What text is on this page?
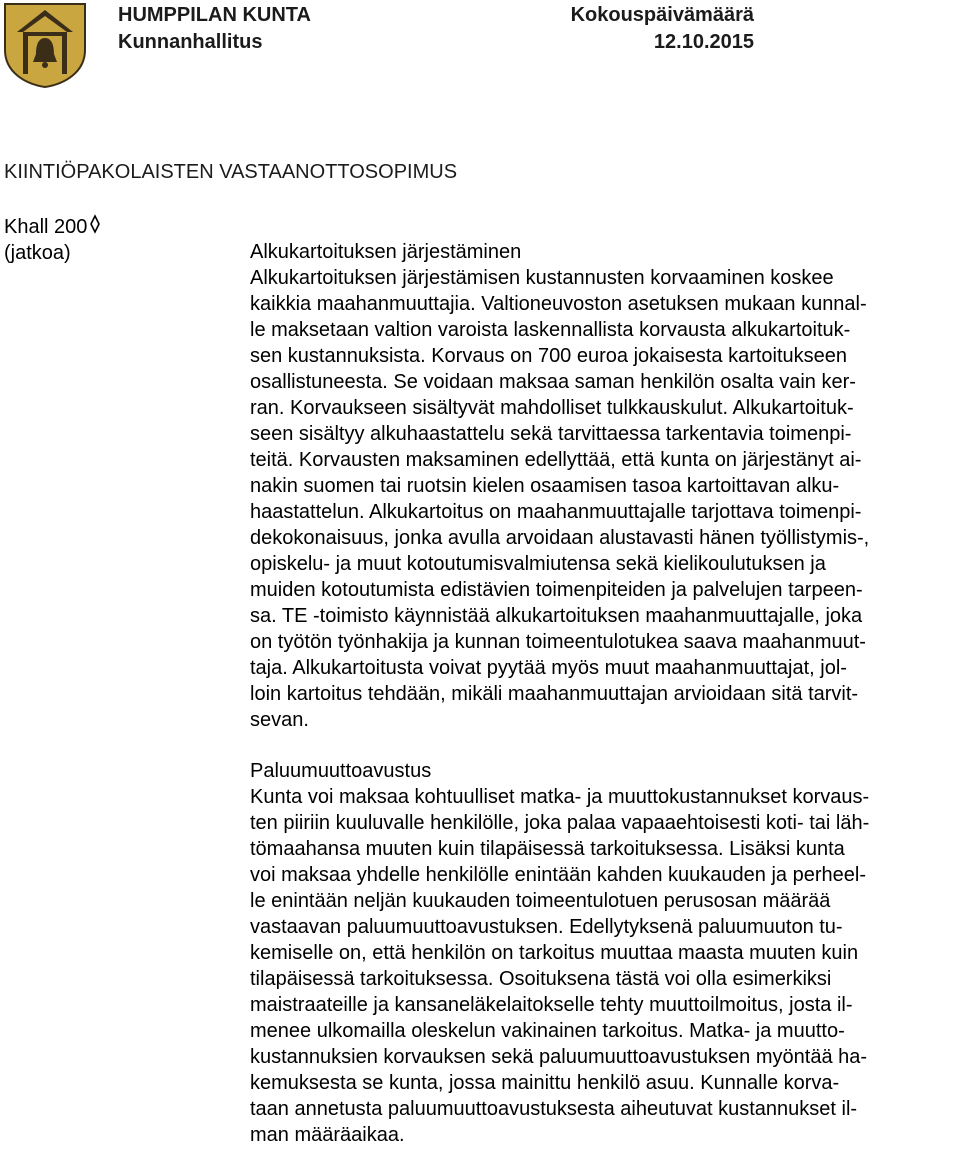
HUMPPILAN KUNTA
Kunnanhallitus
Kokouspäivämäärä
12.10.2015
KIINTIÖPAKOLAISTEN VASTAANOTTOSOPIMUS
Khall 200
(jatkoa)	Alkukartoituksen järjestäminen

Alkukartoituksen järjestämisen kustannusten korvaaminen koskee

kaikkia maahanmuuttajia. Valtioneuvoston asetuksen mukaan kunnal-

le maksetaan valtion varoista laskennallista korvausta alkukartoituk-

sen kustannuksista. Korvaus on 700 euroa jokaisesta kartoitukseen

osallistuneesta. Se voidaan maksaa saman henkilön osalta vain ker-

ran. Korvaukseen sisältyvät mahdolliset tulkkauskulut. Alkukartoituk-

seen sisältyy alkuhaastattelu sekä tarvittaessa tarkentavia toimenpi-

teitä. Korvausten maksaminen edellyttää, että kunta on järjestänyt ai-

nakin suomen tai ruotsin kielen osaamisen tasoa kartoittavan alku-

haastattelun. Alkukartoitus on maahanmuuttajalle tarjottava toimenpi-

dekokonaisuus, jonka avulla arvoidaan alustavasti hänen työllistymis-,

opiskelu- ja muut kotoutumisvalmiutensa sekä kielikoulutuksen ja

muiden kotoutumista edistävien toimenpiteiden ja palvelujen tarpeen-

sa. TE -toimisto käynnistää alkukartoituksen maahanmuuttajalle, joka

on työtön työnhakija ja kunnan toimeentulotukea saava maahanmuut-

taja. Alkukartoitusta voivat pyytää myös muut maahanmuuttajat, jol-

loin kartoitus tehdään, mikäli maahanmuuttajan arvioidaan sitä tarvit-

sevan.

Paluumuuttoavustus

Kunta voi maksaa kohtuulliset matka- ja muuttokustannukset korvaus-

ten piiriin kuuluvalle henkilölle, joka palaa vapaaehtoisesti koti- tai läh-

tömaahansa muuten kuin tilapäisessä tarkoituksessa. Lisäksi kunta

voi maksaa yhdelle henkilölle enintään kahden kuukauden ja perheel-

le enintään neljän kuukauden toimeentulotuen perusosan määrää

vastaavan paluumuuttoavustuksen. Edellytyksenä paluumuuton tu-

kemiselle on, että henkilön on tarkoitus muuttaa maasta muuten kuin

tilapäisessä tarkoituksessa. Osoituksena tästä voi olla esimerkiksi

maistraateille ja kansaneläkelaitokselle tehty muuttoilmoitus, josta il-

menee ulkomailla oleskelun vakinainen tarkoitus. Matka- ja muutto-

kustannuksien korvauksen sekä paluumuuttoavustuksen myöntää ha-

kemuksesta se kunta, jossa mainittu henkilö asuu. Kunnalle korva-

taan annetusta paluumuuttoavustuksesta aiheutuvat kustannukset il-

man määräaikaa.
